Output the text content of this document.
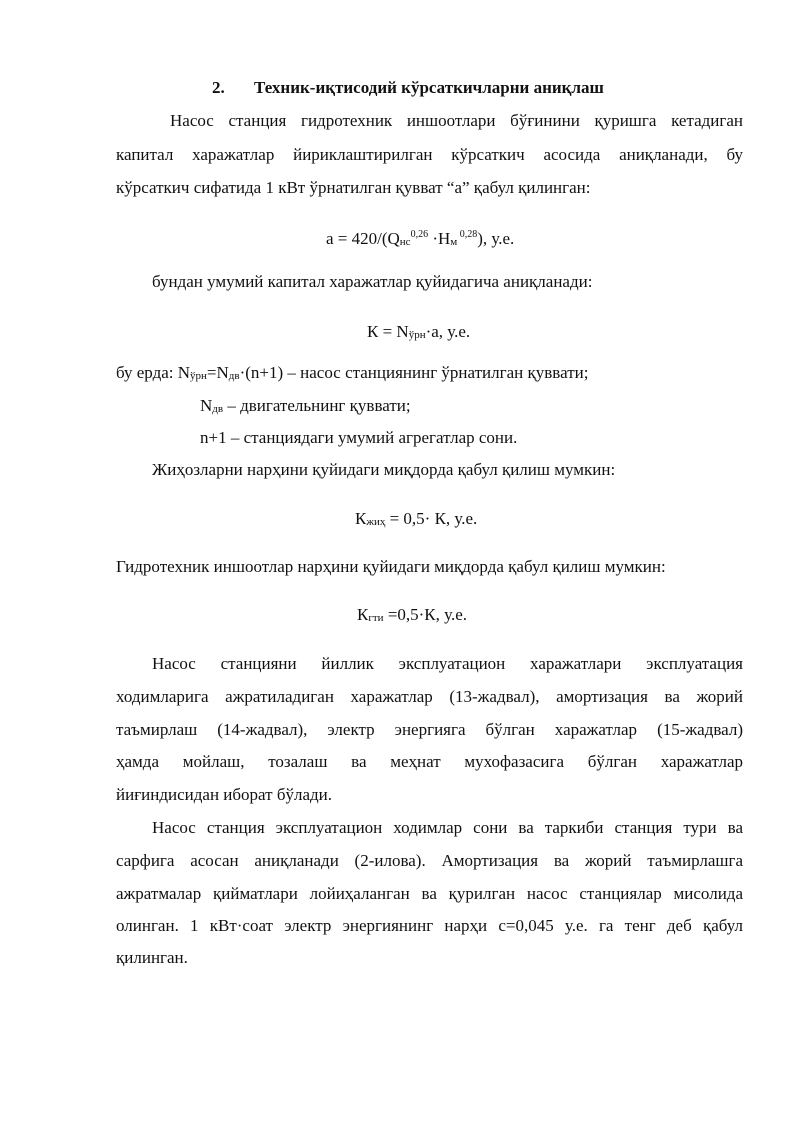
2. Техник-иқтисодий кўрсаткичларни аниқлаш
Насос станция гидротехник иншоотлари бўғинини қуришга кетадиган
капитал харажатлар йириклаштирилган кўрсаткич асосида аниқланади, бу
кўрсаткич сифатида 1 кВт ўрнатилган қувват “а” қабул қилинган:
$а = 420/(Q_{нс}^{0,26} \cdot Н_м$ $^{0,28}$), у.е.
бундан умумий капитал харажатлар қуйидагича аниқланади:
$К = N_{ўрн}\cdot а$, у.е.
бу ерда: $N_{ўрн}=N_{дв}\cdot(n+1)$ – насос станциянинг ўрнатилган қуввати;
$N_{дв}$ – двигательнинг қуввати;
n+1 – станциядаги умумий агрегатлар сони.
Жиҳозларни нарҳини қуйидаги миқдорда қабул қилиш мумкин:
$К_{жиҳ} = 0,5\cdot К$, у.е.
Гидротехник иншоотлар нарҳини қуйидаги миқдорда қабул қилиш мумкин:
$К_{гти} =0,5\cdot К$, у.е.
Насос станцияни йиллик эксплуатацион харажатлари эксплуатация
ходимларига ажратиладиган харажатлар (13-жадвал), амортизация ва жорий
таъмирлаш (14-жадвал), электр энергияга бўлган харажатлар (15-жадвал)
ҳамда мойлаш, тозалаш ва меҳнат мухофазасига бўлган харажатлар
йиғиндисидан иборат бўлади.
Насос станция эксплуатацион ходимлар сони ва таркиби станция тури ва
сарфига асосан аниқланади (2-илова). Амортизация ва жорий таъмирлашга
ажратмалар қийматлари лойиҳаланган ва қурилган насос станциялар мисолида
олинган. 1 кВт·соат электр энергиянинг нарҳи с=0,045 у.е. га тенг деб қабул
қилинган.
